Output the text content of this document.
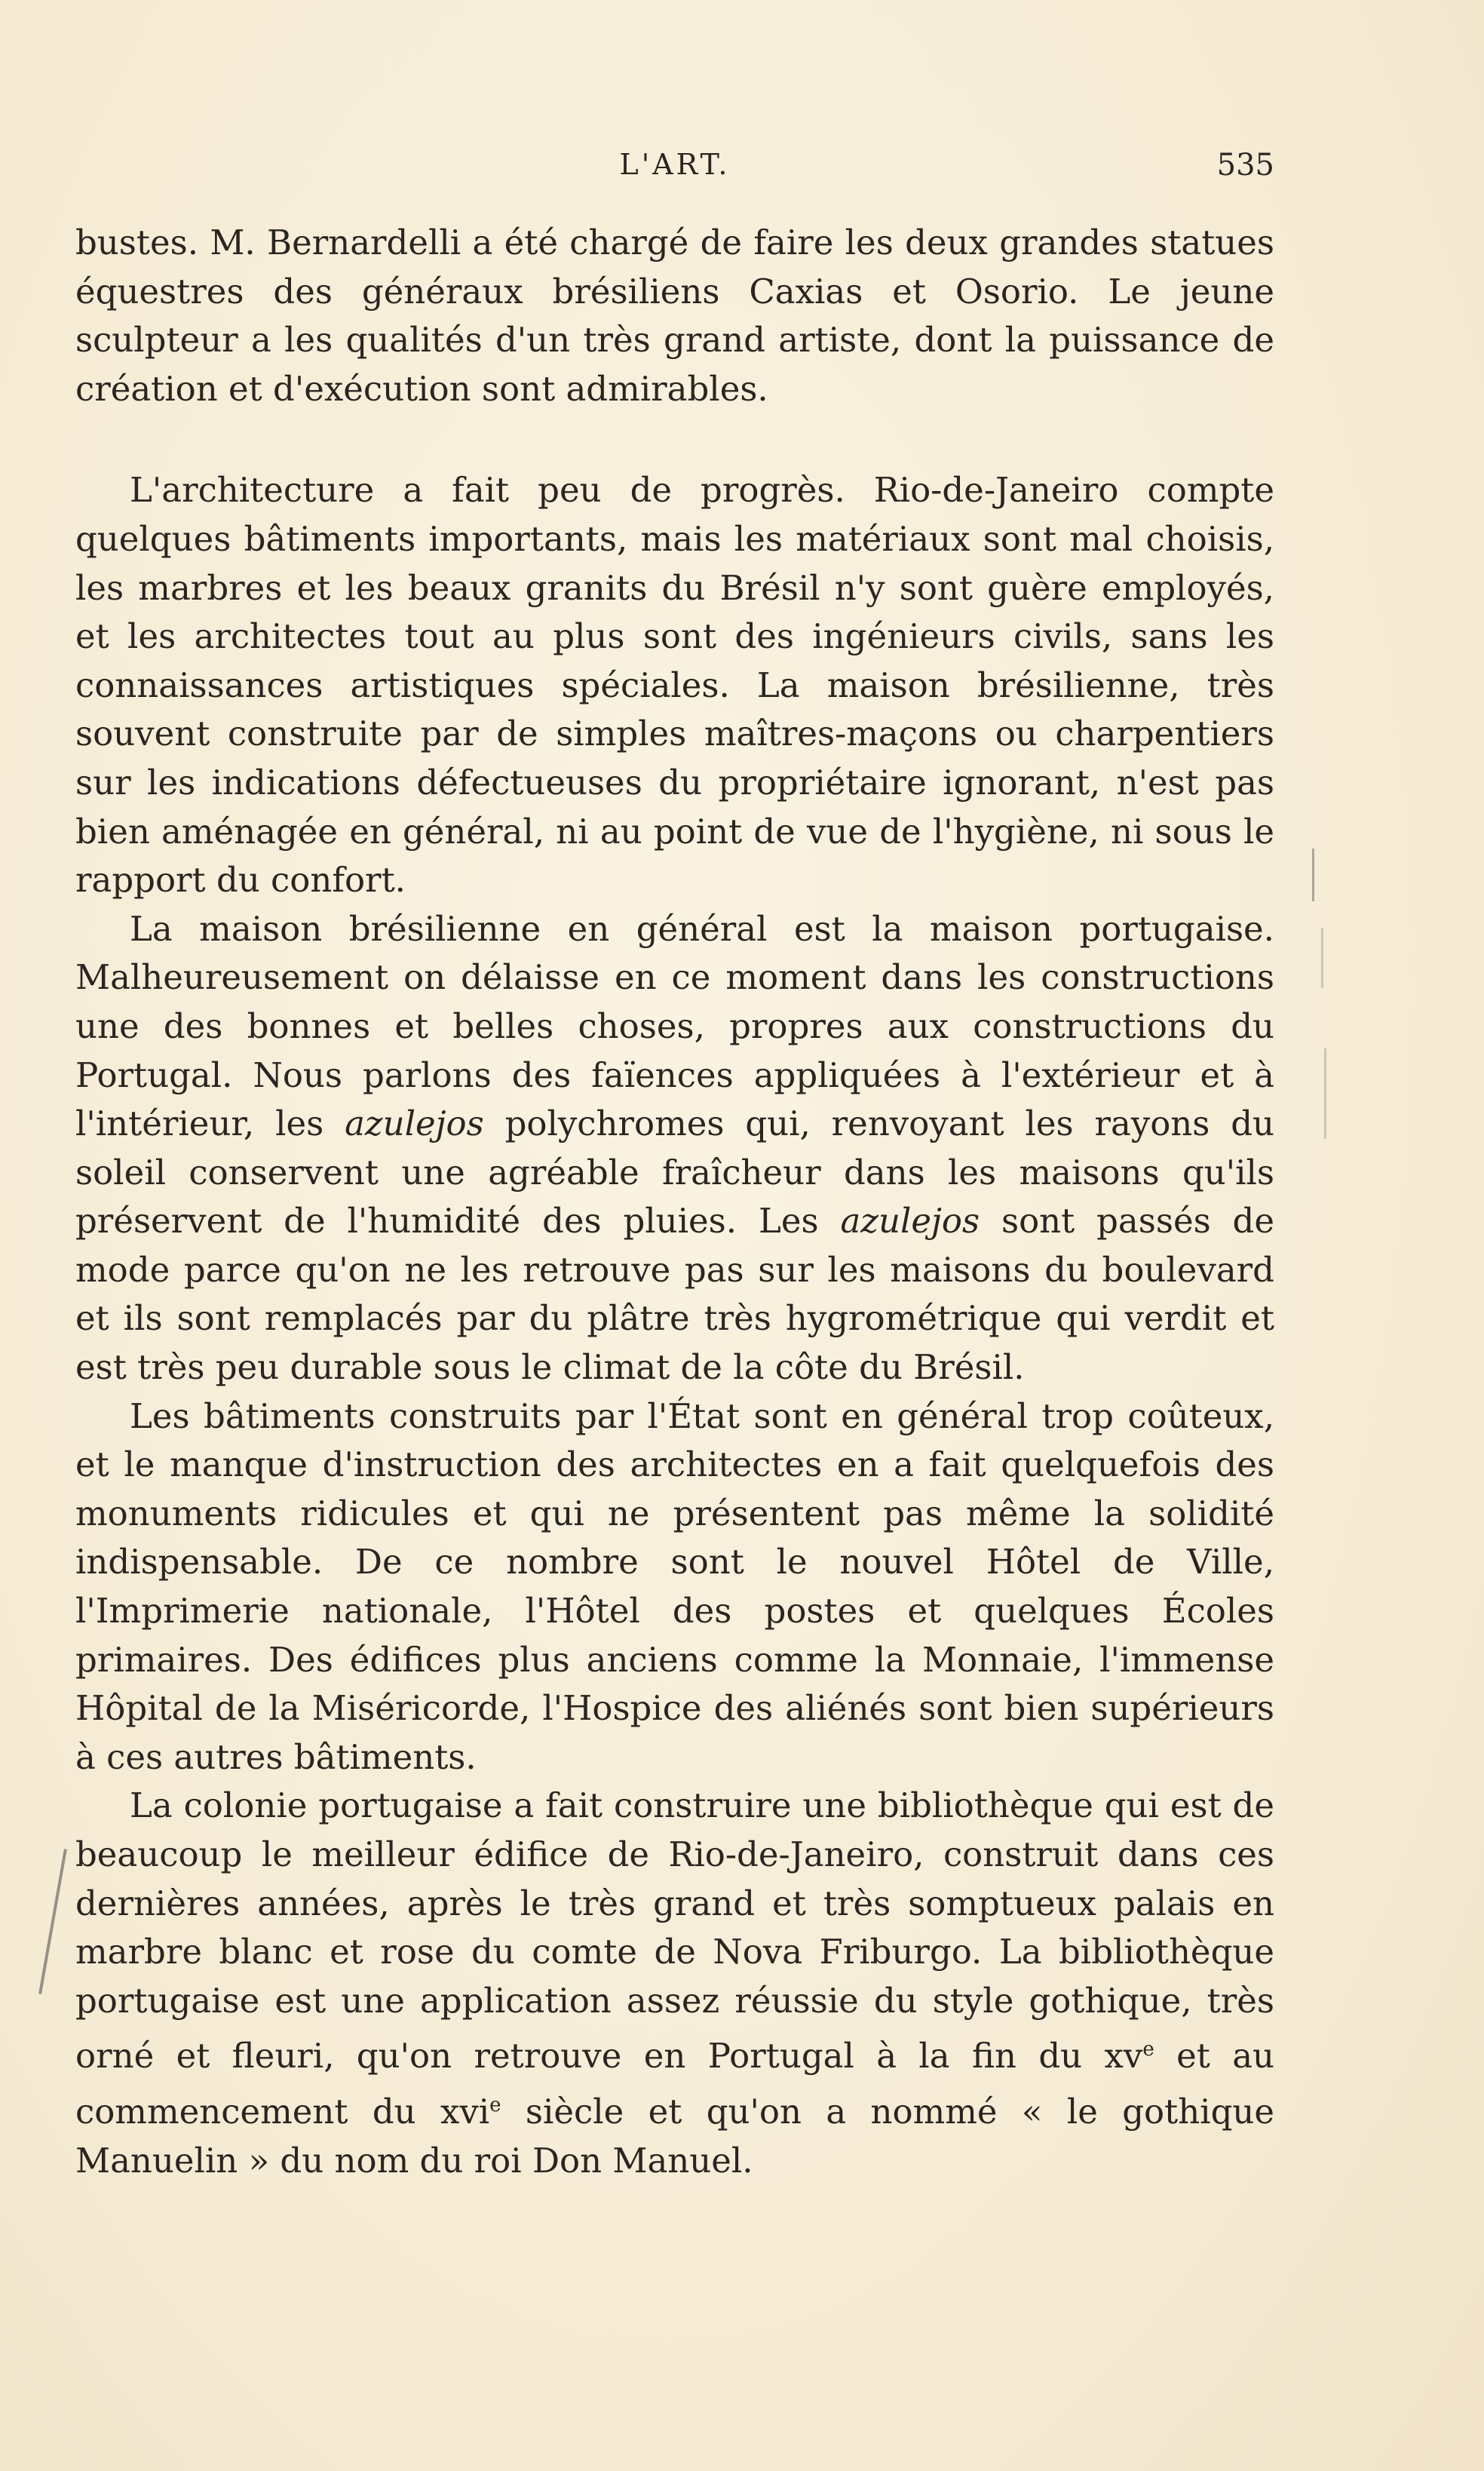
L'ART.	535

bustes. M. Bernardelli a été chargé de faire les deux grandes statues équestres des généraux brésiliens Caxias et Osorio. Le jeune sculpteur a les qualités d'un très grand artiste, dont la puissance de création et d'exécution sont admirables.

L'architecture a fait peu de progrès. Rio-de-Janeiro compte quelques bâtiments importants, mais les matériaux sont mal choisis, les marbres et les beaux granits du Brésil n'y sont guère employés, et les architectes tout au plus sont des ingénieurs civils, sans les connaissances artistiques spéciales. La maison brésilienne, très souvent construite par de simples maîtres-maçons ou charpentiers sur les indications défectueuses du propriétaire ignorant, n'est pas bien aménagée en général, ni au point de vue de l'hygiène, ni sous le rapport du confort.

La maison brésilienne en général est la maison portugaise. Malheureusement on délaisse en ce moment dans les constructions une des bonnes et belles choses, propres aux constructions du Portugal. Nous parlons des faïences appliquées à l'extérieur et à l'intérieur, les azulejos polychromes qui, renvoyant les rayons du soleil conservent une agréable fraîcheur dans les maisons qu'ils préservent de l'humidité des pluies. Les azulejos sont passés de mode parce qu'on ne les retrouve pas sur les maisons du boulevard et ils sont remplacés par du plâtre très hygrométrique qui verdit et est très peu durable sous le climat de la côte du Brésil.

Les bâtiments construits par l'État sont en général trop coûteux, et le manque d'instruction des architectes en a fait quelquefois des monuments ridicules et qui ne présentent pas même la solidité indispensable. De ce nombre sont le nouvel Hôtel de Ville, l'Imprimerie nationale, l'Hôtel des postes et quelques Écoles primaires. Des édifices plus anciens comme la Monnaie, l'immense Hôpital de la Miséricorde, l'Hospice des aliénés sont bien supérieurs à ces autres bâtiments.

La colonie portugaise a fait construire une bibliothèque qui est de beaucoup le meilleur édifice de Rio-de-Janeiro, construit dans ces dernières années, après le très grand et très somptueux palais en marbre blanc et rose du comte de Nova Friburgo. La bibliothèque portugaise est une application assez réussie du style gothique, très orné et fleuri, qu'on retrouve en Portugal à la fin du $xv^e$ et au commencement du xvi$^e$ siècle et qu'on a nommé « le gothique Manuelin » du nom du roi Don Manuel.
